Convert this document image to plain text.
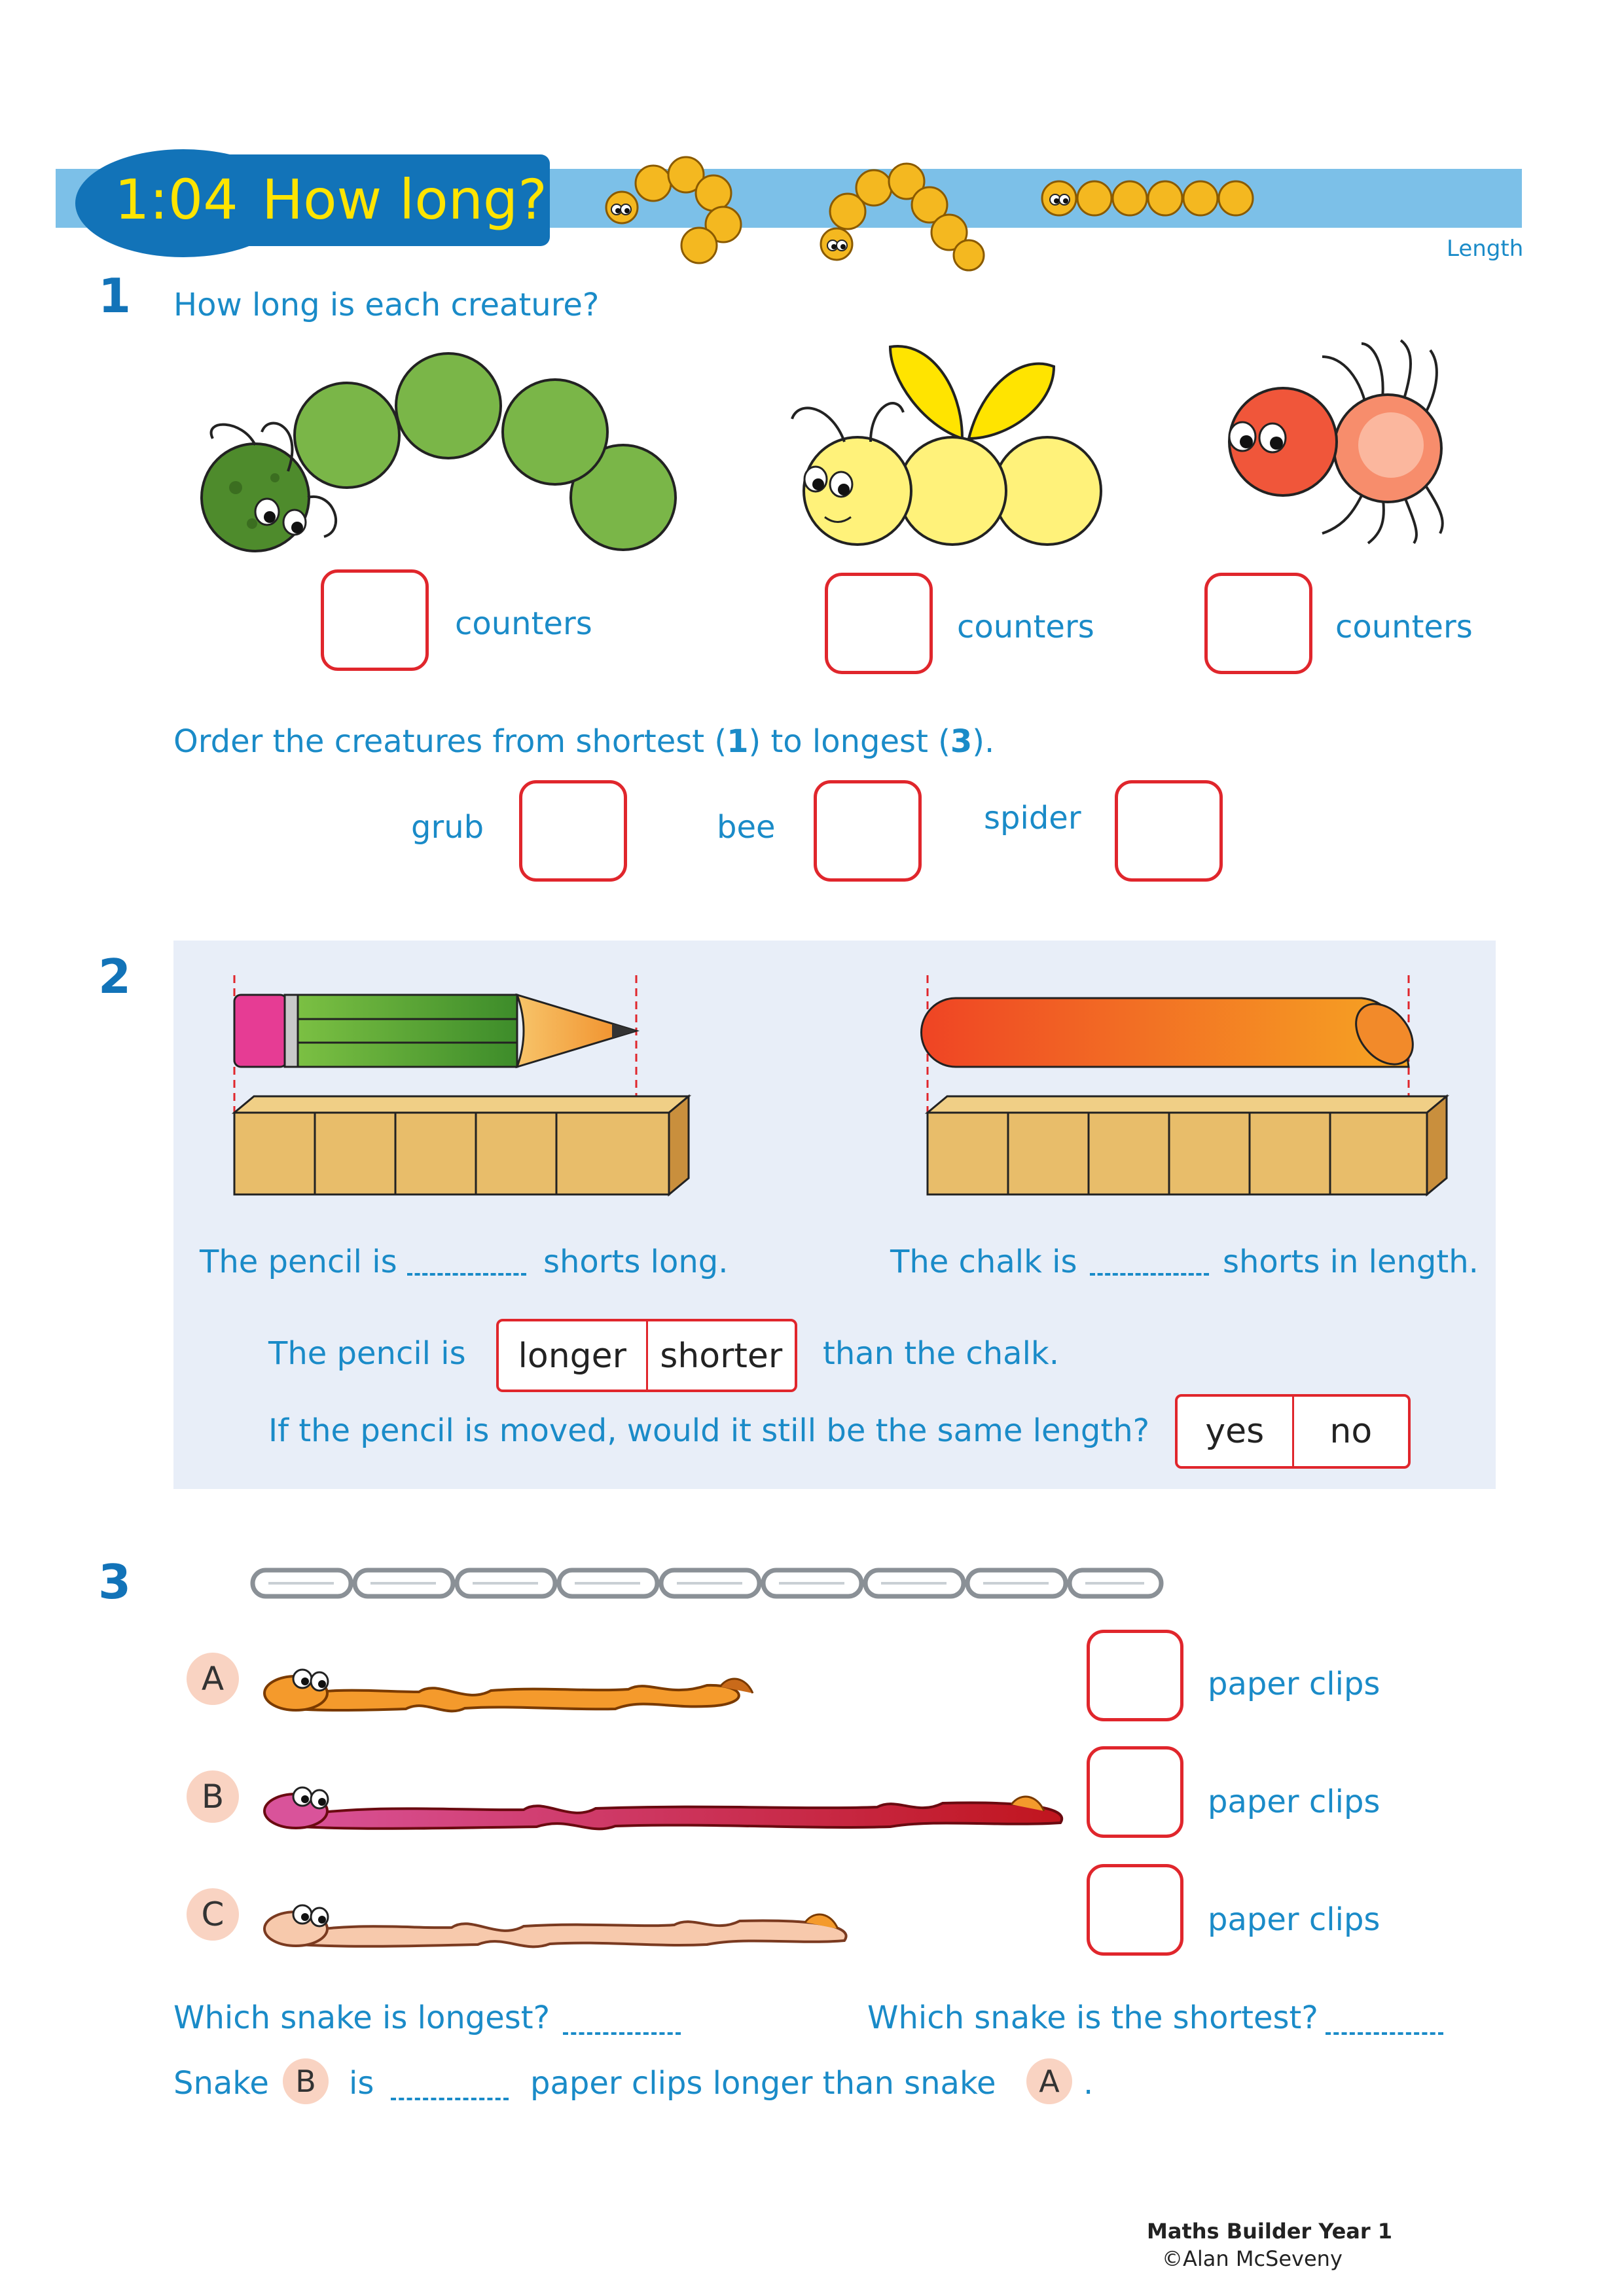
1:04 How long?
Length
1 How long is each creature?
counters	counters	counters
Order the creatures from shortest (1) to longest (3).
grub	bee	spider
2
The pencil is	shorts long.	The chalk is	shorts in length.
The pencil is	longer shorter	than the chalk.
If the pencil is moved, would it still be the same length?	yes	no
3
A	paper clips
B	paper clips
C	paper clips
Which snake is longest?	Which snake is the shortest?
Snake B	is	paper clips longer than snake	A .
Maths Builder Year 1
©Alan McSeveny
